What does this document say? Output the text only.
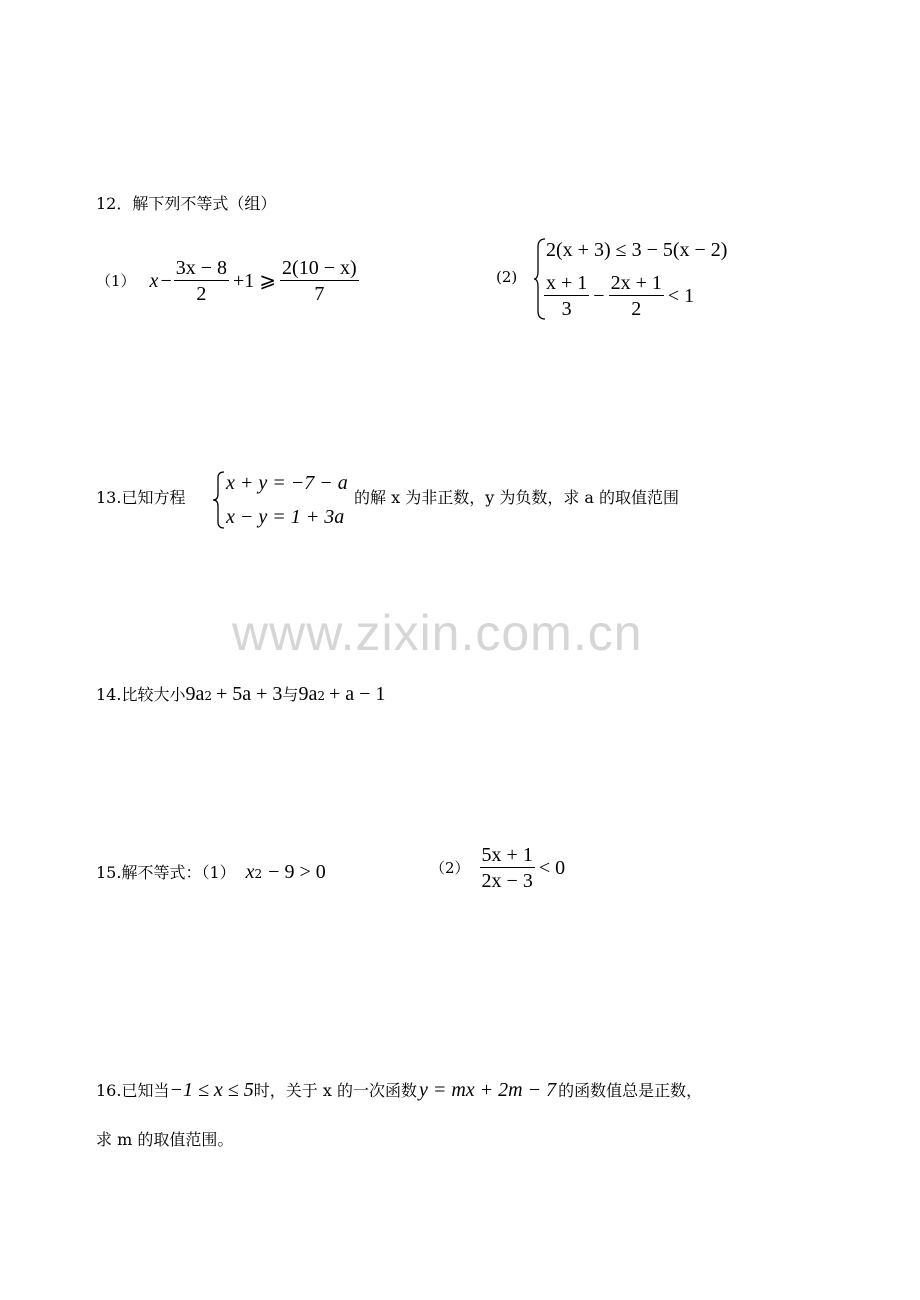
12．解下列不等式（组）
（1） $x - \frac{3x - 8}{2} +1$ ⩾ $\frac{2(10 - x)}{7}$	(2)
2(x + 3) ≤ 3 − 5(x − 2)
$\frac{x + 1}{3} - \frac{2x + 1}{2} < 1$
13.已知方程
x + y = −7 − a
x − y = 1 + 3a
的解 x 为非正数，y 为负数，求 a 的取值范围
www.zixin.com.cn
14.比较大小 9a 2 + 5a + 3 与 9a 2 + a − 1
15.解不等式：（1） x 2 − 9 > 0	$(2) \frac{5x + 1}{2x - 3} < 0$
16.已知当 −1 ≤ x ≤ 5 时，关于 x 的一次函数 y = mx + 2m − 7 的函数值总是正数，
求 m 的取值范围。
